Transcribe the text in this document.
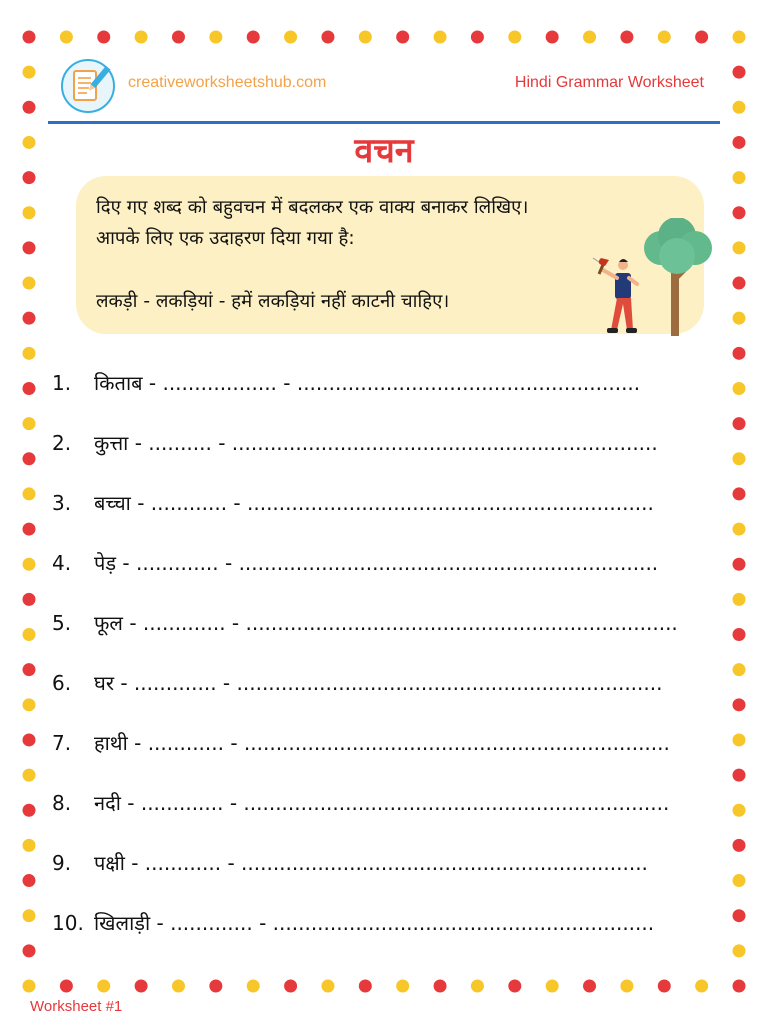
creativeworksheetshub.com	Hindi Grammar Worksheet
वचन
दिए गए शब्द को बहुवचन में बदलकर एक वाक्य बनाकर लिखिए।
आपके लिए एक उदाहरण दिया गया है:
लकड़ी - लकड़ियां - हमें लकड़ियां नहीं काटनी चाहिए।
1. किताब - .................. - ......................................................
2. कुत्ता - .......... - ...................................................................
3. बच्चा - ............ - ................................................................
4. पेड़ - ............. - ..................................................................
5. फूल - ............. - ....................................................................
6. घर - ............. - ...................................................................
7. हाथी - ............ - ...................................................................
8. नदी - ............. - ...................................................................
9. पक्षी - ............ - ................................................................
10. खिलाड़ी - ............. - ............................................................
Worksheet #1
